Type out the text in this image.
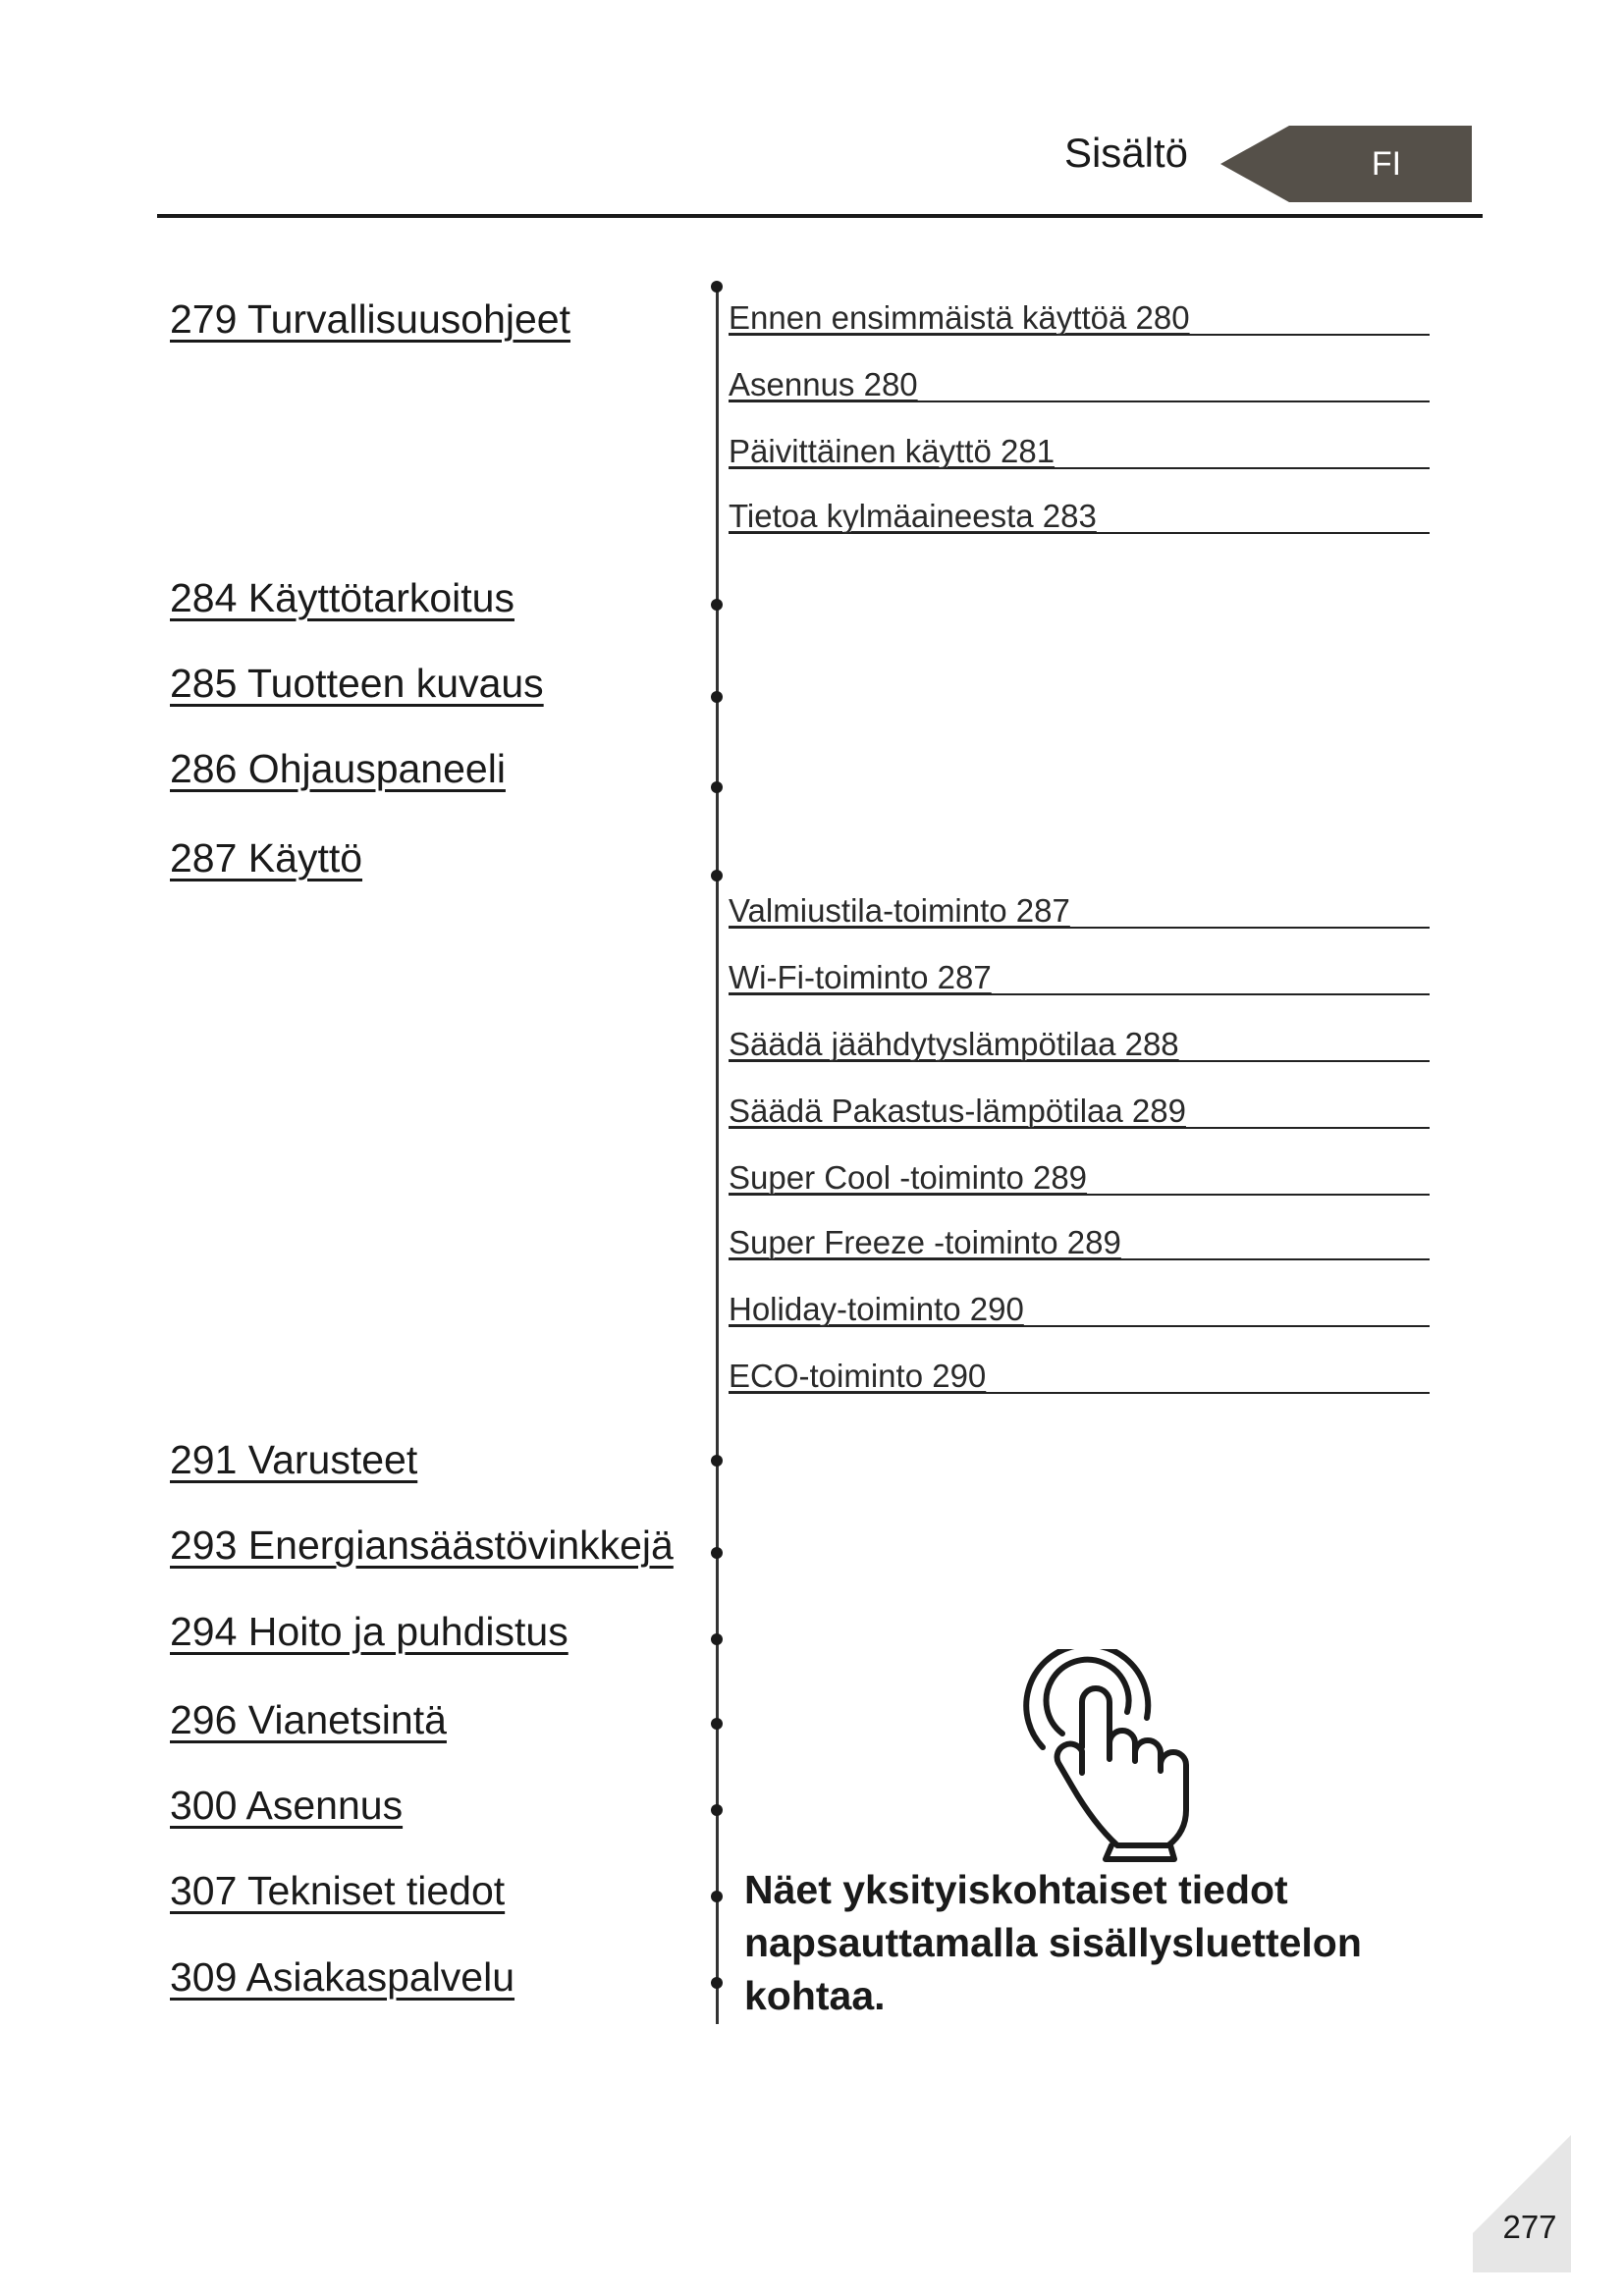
Sisältö	FI
279 Turvallisuusohjeet
284 Käyttötarkoitus
285 Tuotteen kuvaus
286 Ohjauspaneeli
287 Käyttö
291 Varusteet
293 Energiansäästövinkkejä
294 Hoito ja puhdistus
296 Vianetsintä
300 Asennus
307 Tekniset tiedot
309 Asiakaspalvelu
Ennen ensimmäistä käyttöä 280
Asennus 280
Päivittäinen käyttö 281
Tietoa kylmäaineesta 283
Valmiustila-toiminto 287
Wi-Fi-toiminto 287
Säädä jäähdytyslämpötilaa 288
Säädä Pakastus-lämpötilaa 289
Super Cool -toiminto 289
Super Freeze -toiminto 289
Holiday-toiminto 290
ECO-toiminto 290
Näet yksityiskohtaiset tiedot napsauttamalla sisällysluettelon kohtaa.
277
